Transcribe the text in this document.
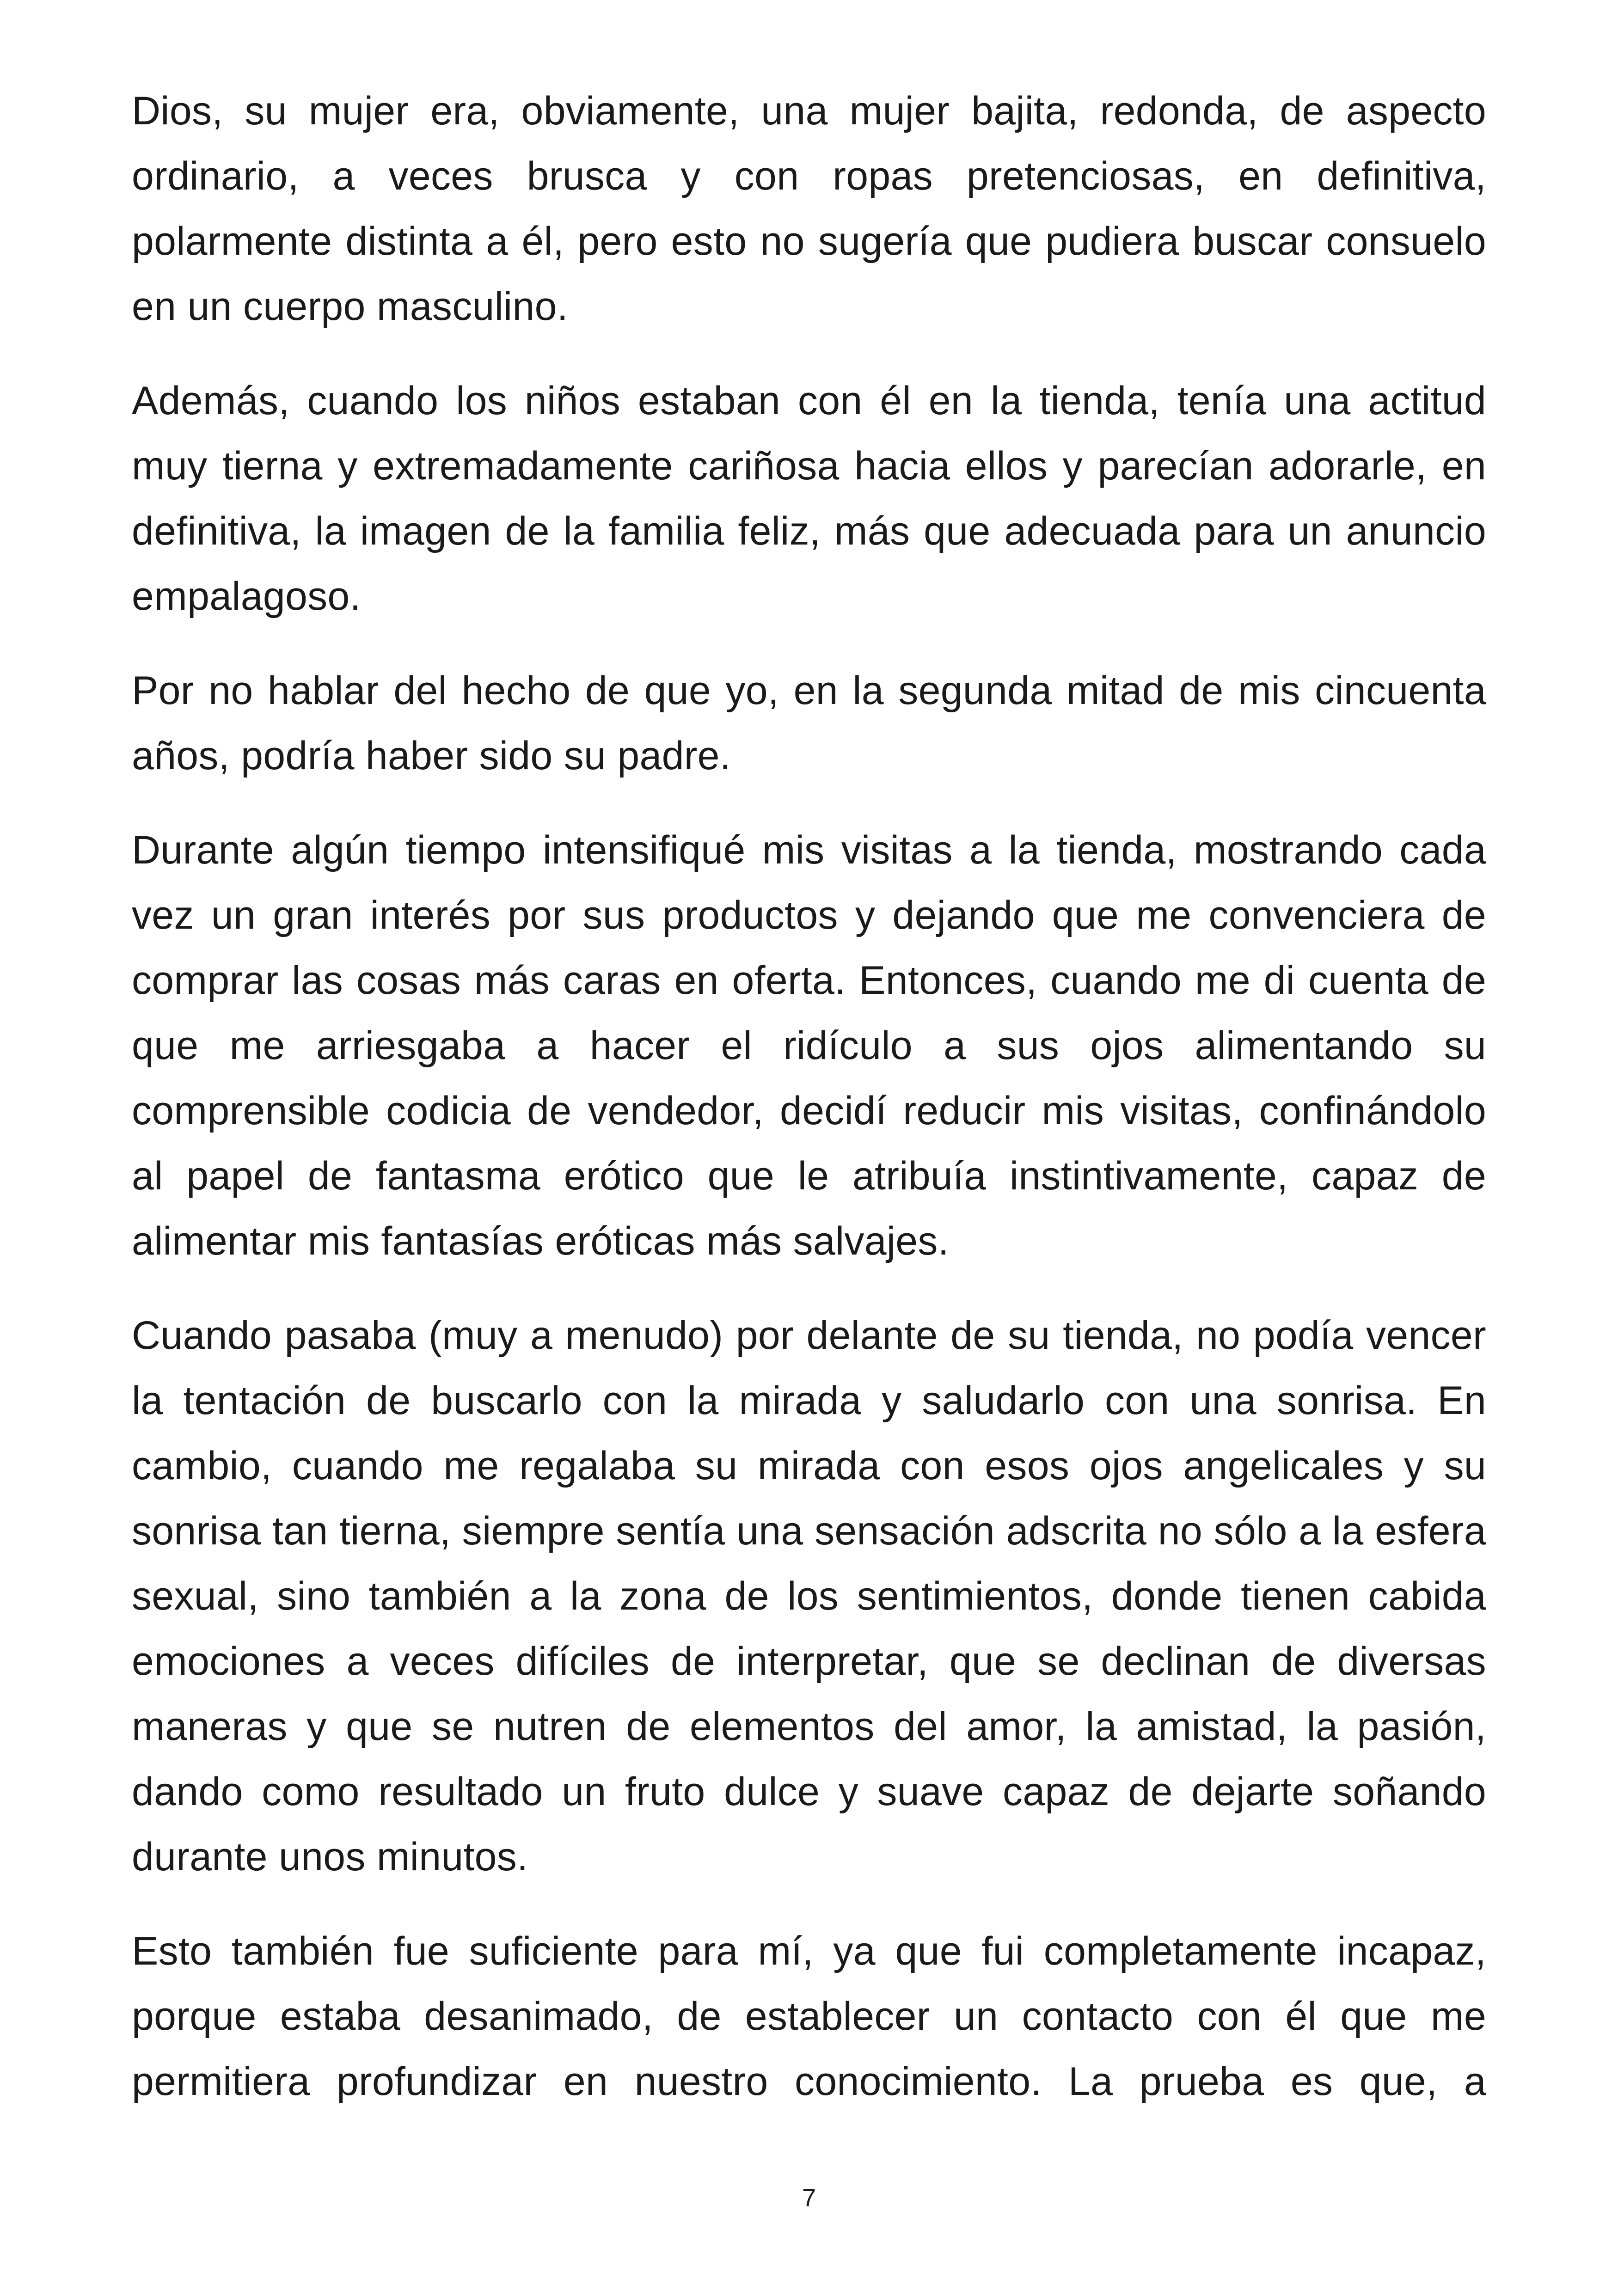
Dios, su mujer era, obviamente, una mujer bajita, redonda, de aspecto ordinario, a veces brusca y con ropas pretenciosas, en definitiva, polarmente distinta a él, pero esto no sugería que pudiera buscar consuelo en un cuerpo masculino.

Además, cuando los niños estaban con él en la tienda, tenía una actitud muy tierna y extremadamente cariñosa hacia ellos y parecían adorarle, en definitiva, la imagen de la familia feliz, más que adecuada para un anuncio empalagoso.

Por no hablar del hecho de que yo, en la segunda mitad de mis cincuenta años, podría haber sido su padre.

Durante algún tiempo intensifiqué mis visitas a la tienda, mostrando cada vez un gran interés por sus productos y dejando que me convenciera de comprar las cosas más caras en oferta. Entonces, cuando me di cuenta de que me arriesgaba a hacer el ridículo a sus ojos alimentando su comprensible codicia de vendedor, decidí reducir mis visitas, confinándolo al papel de fantasma erótico que le atribuía instintivamente, capaz de alimentar mis fantasías eróticas más salvajes.

Cuando pasaba (muy a menudo) por delante de su tienda, no podía vencer la tentación de buscarlo con la mirada y saludarlo con una sonrisa. En cambio, cuando me regalaba su mirada con esos ojos angelicales y su sonrisa tan tierna, siempre sentía una sensación adscrita no sólo a la esfera sexual, sino también a la zona de los sentimientos, donde tienen cabida emociones a veces difíciles de interpretar, que se declinan de diversas maneras y que se nutren de elementos del amor, la amistad, la pasión, dando como resultado un fruto dulce y suave capaz de dejarte soñando durante unos minutos.

Esto también fue suficiente para mí, ya que fui completamente incapaz, porque estaba desanimado, de establecer un contacto con él que me permitiera profundizar en nuestro conocimiento. La prueba es que, a

7
